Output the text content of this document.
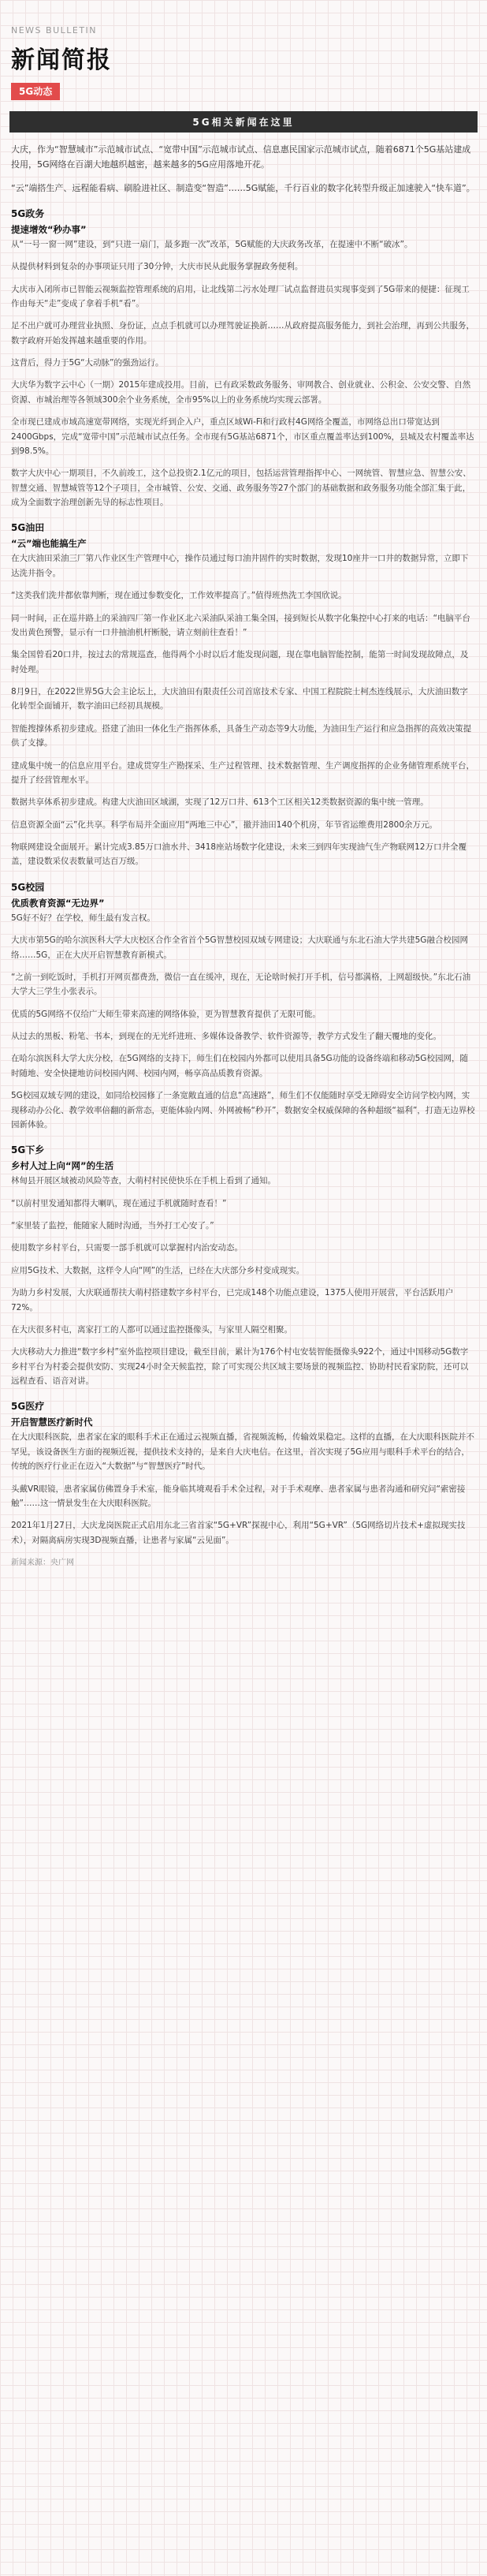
NEWS BULLETIN
新闻简报
5G动态
5G相关新闻在这里

大庆，作为“智慧城市”示范城市试点、“宽带中国”示范城市试点、信息惠民国家示范城市试点，随着6871个5G基站建成投用，5G网络在百湖大地越织越密，越来越多的5G应用落地开花。

“云”端搭生产、远程能看病、刷脸进社区、制造变“智造”……5G赋能，千行百业的数字化转型升级正加速驶入“快车道”。

5G政务
提速增效“秒办事”

从“一号一窗一网”建设，到“只进一扇门，最多跑一次”改革，5G赋能的大庆政务改革，在提速中不断“破冰”。

从提供材料到复杂的办事项证只用了30分钟，大庆市民从此服务掌握政务便利。

大庆市入闭所市已智能云视频监控管理系统的启用，让北线第二污水处理厂试点监督进员实现事变到了5G带来的便捷：征现工作由每天“走”变成了拿着手机“看”。

足不出户就可办理营业执照、身份证，点点手机就可以办理驾驶证换新……从政府提高服务能力，到社会治理，再到公共服务，数字政府开始发挥越来越重要的作用。

这背后，得力于5G“大动脉”的强劲运行。

大庆华为数字云中心（一期）2015年建成投用。目前，已有政采数政务服务、审网教合、创业就业、公积金、公安交警、自然资源、市城治理等各领域300余个业务系统，全市95%以上的业务系统均实现云部署。

全市现已建成市域高速宽带网络，实现光纤到企入户，重点区域Wi-Fi和行政村4G网络全覆盖，市网络总出口带宽达到2400Gbps，完成“宽带中国”示范城市试点任务。全市现有5G基站6871个，市区重点覆盖率达到100%，县城及农村覆盖率达到98.5%。

数字大庆中心一期项目，不久前竣工，这个总投资2.1亿元的项目，包括运营管理指挥中心、一网统管、智慧应急、智慧公安、智慧交通、智慧城管等12个子项目，全市城管、公安、交通、政务服务等27个部门的基础数据和政务服务功能全部汇集于此，成为全面数字治理创新先导的标志性项目。

5G油田
“云”端也能搞生产

在大庆油田采油三厂第八作业区生产管理中心，操作员通过每口油井固件的实时数据，发现10座井一口井的数据异常，立即下达洗井指令。

“这类我们洗井都依靠判断，现在通过参数变化，工作效率提高了。”值得班热洗工李国欣说。

同一时间，正在巡井路上的采油四厂第一作业区北六采油队采油工集全国，接到短长从数字化集控中心打来的电话：“电脑平台发出黄色预警，显示有一口井抽油机杆断脱，请立刻前往查看！”

集全国曾看20口井，按过去的常规巡查，他得两个小时以后才能发现问题，现在靠电脑智能控制，能第一时间发现故障点，及时处理。

8月9日，在2022世界5G大会主论坛上，大庆油田有限责任公司首席技术专家、中国工程院院士柯杰连线展示，大庆油田数字化转型全面铺开，数字油田已经初具规模。

智能搜撑体系初步建成。搭建了油田一体化生产指挥体系，具备生产动态等9大功能，为油田生产运行和应急指挥的高效决策提供了支撑。

建成集中统一的信息应用平台。建成贯穿生产勘探采、生产过程管理、技术数据管理、生产调度指挥的企业务储管理系统平台，提升了经营管理水平。

数据共享体系初步建成。构建大庆油田区域湖，实现了12万口井、613个工区相关12类数据资源的集中统一管理。

信息资源全面“云”化共享。科学布局并全面应用“两地三中心”，撤并油田140个机房，年节省运维费用2800余万元。

物联网建设全面展开。累计完成3.85万口油水井、3418座站场数字化建设，未来三到四年实现油气生产物联网12万口井全覆盖，建设数采仪表数量可达百万级。

5G校园
优质教育资源“无边界”

5G好不好？在学校，师生最有发言权。

大庆市第5G的哈尔滨医科大学大庆校区合作全省首个5G智慧校园双域专网建设；大庆联通与东北石油大学共建5G融合校园网络……5G，正在大庆开启智慧教育新模式。

“之前一到吃饭时，手机打开网页都费劲，微信一直在缓冲，现在，无论啥时候打开手机，信号都满格，上网超级快。”东北石油大学大三学生小张表示。

优质的5G网络不仅给广大师生带来高速的网络体验，更为智慧教育提供了无限可能。

从过去的黑板、粉笔、书本，到现在的无光纤进班、多媒体设备教学、软件资源等，教学方式发生了翻天覆地的变化。

在哈尔滨医科大学大庆分校，在5G网络的支持下，师生们在校园内外都可以使用具备5G功能的设备终端和移动5G校园网，随时随地、安全快捷地访问校园内网、校园内网，畅享高品质教育资源。

5G校园双域专网的建设，如同给校园修了一条宽敞直通的信息“高速路”，师生们不仅能随时享受无障碍安全访问学校内网，实现移动办公化、教学效率倍翻的新常态，更能体验内网、外网被畅“秒开”，数据安全权威保障的各种超级“福利”，打造无边界校园新体验。

5G下乡
乡村人过上向“网”的生活

林甸县开展区域被动风险等查，大萌村村民使快乐在手机上看到了通知。

“以前村里发通知都得大喇叭，现在通过手机就随时查看！”

“家里装了监控，能随家人随时沟通，当外打工心安了。”

使用数字乡村平台，只需要一部手机就可以掌握村内治安动态。

应用5G技术、大数据，这样令人向“网”的生活，已经在大庆部分乡村变成现实。

为助力乡村发展，大庆联通帮扶大萌村搭建数字乡村平台，已完成148个功能点建设，1375人使用开展营，平台活跃用户72%。

在大庆很多村屯，离家打工的人都可以通过监控摄像头，与家里人隔空相聚。

大庆移动大力推进“数字乡村”室外监控项目建设，截至目前，累计为176个村屯安装智能摄像头922个，通过中国移动5G数字乡村平台为村委会提供安防、实现24小时全天候监控，除了可实现公共区域主要场景的视频监控、协助村民看家防院，还可以远程查看、语音对讲。

5G医疗
开启智慧医疗新时代

在大庆眼科医院，患者家在家的眼科手术正在通过云视频直播，省视频流畅，传输效果稳定。这样的直播，在大庆眼科医院并不罕见，该设备医生方面的视频近视，提供技术支持的，是来自大庆电信。在这里，首次实现了5G应用与眼科手术平台的结合，传统的医疗行业正在迈入“大数据”与“智慧医疗”时代。

头戴VR眼镜，患者家属仿佛置身手术室，能身临其境观看手术全过程，对于手术观摩、患者家属与患者沟通和研究问“索密接触”……这一情景发生在大庆眼科医院。

2021年1月27日，大庆龙岗医院正式启用东北三省首家“5G+VR”探视中心，利用“5G+VR”（5G网络切片技术+虚拟现实技术），对隔离病房实现3D视频直播，让患者与家属“云见面”。

新闻来源：央广网
